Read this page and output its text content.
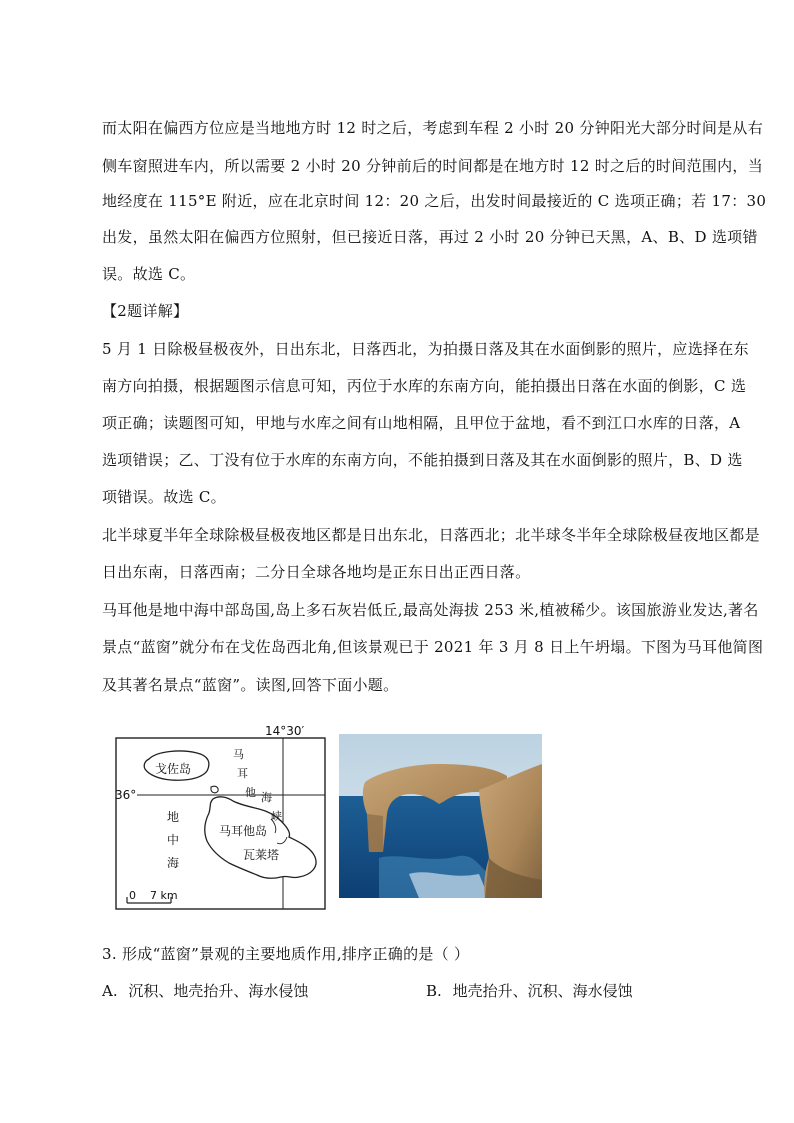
而太阳在偏西方位应是当地地方时 12 时之后，考虑到车程 2 小时 20 分钟阳光大部分时间是从右
侧车窗照进车内，所以需要 2 小时 20 分钟前后的时间都是在地方时 12 时之后的时间范围内，当
地经度在 115°E 附近，应在北京时间 12：20 之后，出发时间最接近的 C 选项正确；若 17：30
出发，虽然太阳在偏西方位照射，但已接近日落，再过 2 小时 20 分钟已天黑，A、B、D 选项错
误。故选 C。
【2题详解】
5 月 1 日除极昼极夜外，日出东北，日落西北，为拍摄日落及其在水面倒影的照片，应选择在东
南方向拍摄，根据题图示信息可知，丙位于水库的东南方向，能拍摄出日落在水面的倒影，C 选
项正确；读题图可知，甲地与水库之间有山地相隔，且甲位于盆地，看不到江口水库的日落，A
选项错误；乙、丁没有位于水库的东南方向，不能拍摄到日落及其在水面倒影的照片，B、D 选
项错误。故选 C。
北半球夏半年全球除极昼极夜地区都是日出东北，日落西北；北半球冬半年全球除极昼夜地区都是
日出东南，日落西南；二分日全球各地均是正东日出正西日落。
马耳他是地中海中部岛国,岛上多石灰岩低丘,最高处海拔 253 米,植被稀少。该国旅游业发达,著名
景点“蓝窗”就分布在戈佐岛西北角,但该景观已于 2021 年 3 月 8 日上午坍塌。下图为马耳他简图
及其著名景点“蓝窗”。读图,回答下面小题。
14°30′
36°
戈佐岛
马
耳
他 海
峡
地
中
海
马耳他岛
瓦莱塔
0    7 km
3. 形成“蓝窗”景观的主要地质作用,排序正确的是（ ）
A. 沉积、地壳抬升、海水侵蚀	B. 地壳抬升、沉积、海水侵蚀
